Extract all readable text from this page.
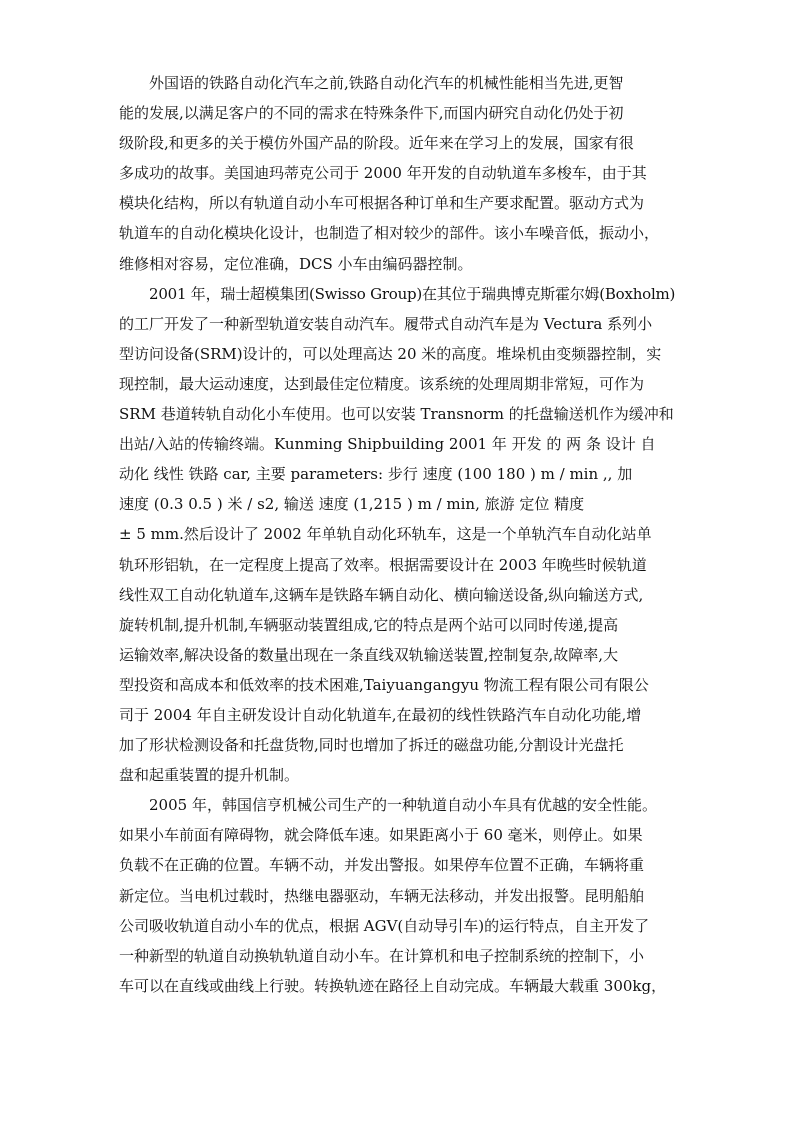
外国语的铁路自动化汽车之前,铁路自动化汽车的机械性能相当先进,更智
能的发展,以满足客户的不同的需求在特殊条件下,而国内研究自动化仍处于初
级阶段,和更多的关于模仿外国产品的阶段。近年来在学习上的发展，国家有很
多成功的故事。美国迪玛蒂克公司于 2000 年开发的自动轨道车多梭车，由于其
模块化结构，所以有轨道自动小车可根据各种订单和生产要求配置。驱动方式为
轨道车的自动化模块化设计，也制造了相对较少的部件。该小车噪音低，振动小，
维修相对容易，定位准确，DCS 小车由编码器控制。
2001 年，瑞士超模集团(Swisso Group)在其位于瑞典博克斯霍尔姆(Boxholm)
的工厂开发了一种新型轨道安装自动汽车。履带式自动汽车是为 Vectura 系列小
型访问设备(SRM)设计的，可以处理高达 20 米的高度。堆垛机由变频器控制，实
现控制，最大运动速度，达到最佳定位精度。该系统的处理周期非常短，可作为
SRM 巷道转轨自动化小车使用。也可以安装 Transnorm 的托盘输送机作为缓冲和
出站/入站的传输终端。Kunming Shipbuilding 2001 年 开发 的 两 条 设计 自
动化 线性 铁路 car, 主要 parameters: 步行 速度 (100 180 ) m / min ,, 加
速度 (0.3 0.5 ) 米 / s2, 输送 速度 (1,215 ) m / min, 旅游 定位 精度
± 5 mm.然后设计了 2002 年单轨自动化环轨车，这是一个单轨汽车自动化站单
轨环形铝轨，在一定程度上提高了效率。根据需要设计在 2003 年晚些时候轨道
线性双工自动化轨道车,这辆车是铁路车辆自动化、横向输送设备,纵向输送方式,
旋转机制,提升机制,车辆驱动装置组成,它的特点是两个站可以同时传递,提高
运输效率,解决设备的数量出现在一条直线双轨输送装置,控制复杂,故障率,大
型投资和高成本和低效率的技术困难,Taiyuangangyu 物流工程有限公司有限公
司于 2004 年自主研发设计自动化轨道车,在最初的线性铁路汽车自动化功能,增
加了形状检测设备和托盘货物,同时也增加了拆迁的磁盘功能,分割设计光盘托
盘和起重装置的提升机制。
2005 年，韩国信亨机械公司生产的一种轨道自动小车具有优越的安全性能。
如果小车前面有障碍物，就会降低车速。如果距离小于 60 毫米，则停止。如果
负载不在正确的位置。车辆不动，并发出警报。如果停车位置不正确，车辆将重
新定位。当电机过载时，热继电器驱动，车辆无法移动，并发出报警。昆明船舶
公司吸收轨道自动小车的优点，根据 AGV(自动导引车)的运行特点，自主开发了
一种新型的轨道自动换轨轨道自动小车。在计算机和电子控制系统的控制下，小
车可以在直线或曲线上行驶。转换轨迹在路径上自动完成。车辆最大载重 300kg，
